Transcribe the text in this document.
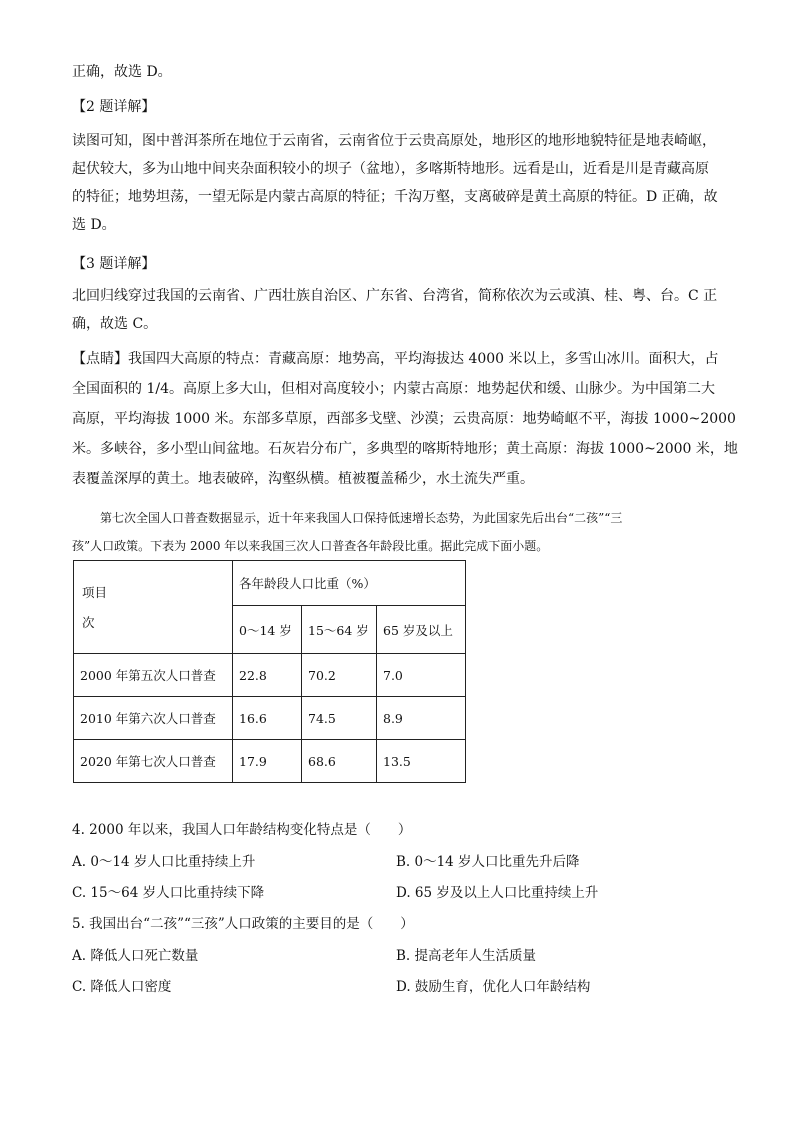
正确，故选 D。

【2 题详解】

读图可知，图中普洱茶所在地位于云南省，云南省位于云贵高原处，地形区的地形地貌特征是地表崎岖，
起伏较大，多为山地中间夹杂面积较小的坝子（盆地），多喀斯特地形。远看是山，近看是川是青藏高原
的特征；地势坦荡，一望无际是内蒙古高原的特征；千沟万壑，支离破碎是黄土高原的特征。D 正确，故
选 D。

【3 题详解】

北回归线穿过我国的云南省、广西壮族自治区、广东省、台湾省，简称依次为云或滇、桂、粤、台。C 正
确，故选 C。

【点睛】我国四大高原的特点：青藏高原：地势高，平均海拔达 4000 米以上，多雪山冰川。面积大，占
全国面积的 1/4。高原上多大山，但相对高度较小；内蒙古高原：地势起伏和缓、山脉少。为中国第二大
高原，平均海拔 1000 米。东部多草原，西部多戈壁、沙漠；云贵高原：地势崎岖不平，海拔 1000~2000
米。多峡谷，多小型山间盆地。石灰岩分布广，多典型的喀斯特地形；黄土高原：海拔 1000~2000 米，地
表覆盖深厚的黄土。地表破碎，沟壑纵横。植被覆盖稀少，水土流失严重。

第七次全国人口普查数据显示，近十年来我国人口保持低速增长态势，为此国家先后出台“二孩”“三
孩”人口政策。下表为 2000 年以来我国三次人口普查各年龄段比重。据此完成下面小题。

项目
次	各年龄段人口比重（%）		
	0～14 岁	15～64 岁	65 岁及以上
2000 年第五次人口普查	22.8	70.2	7.0
2010 年第六次人口普查	16.6	74.5	8.9
2020 年第七次人口普查	17.9	68.6	13.5
4. 2000 年以来，我国人口年龄结构变化特点是（　　）
A. 0～14 岁人口比重持续上升	B. 0～14 岁人口比重先升后降
C. 15～64 岁人口比重持续下降	D. 65 岁及以上人口比重持续上升
5. 我国出台“二孩”“三孩”人口政策的主要目的是（　　）
A. 降低人口死亡数量	B. 提高老年人生活质量
C. 降低人口密度	D. 鼓励生育，优化人口年龄结构
